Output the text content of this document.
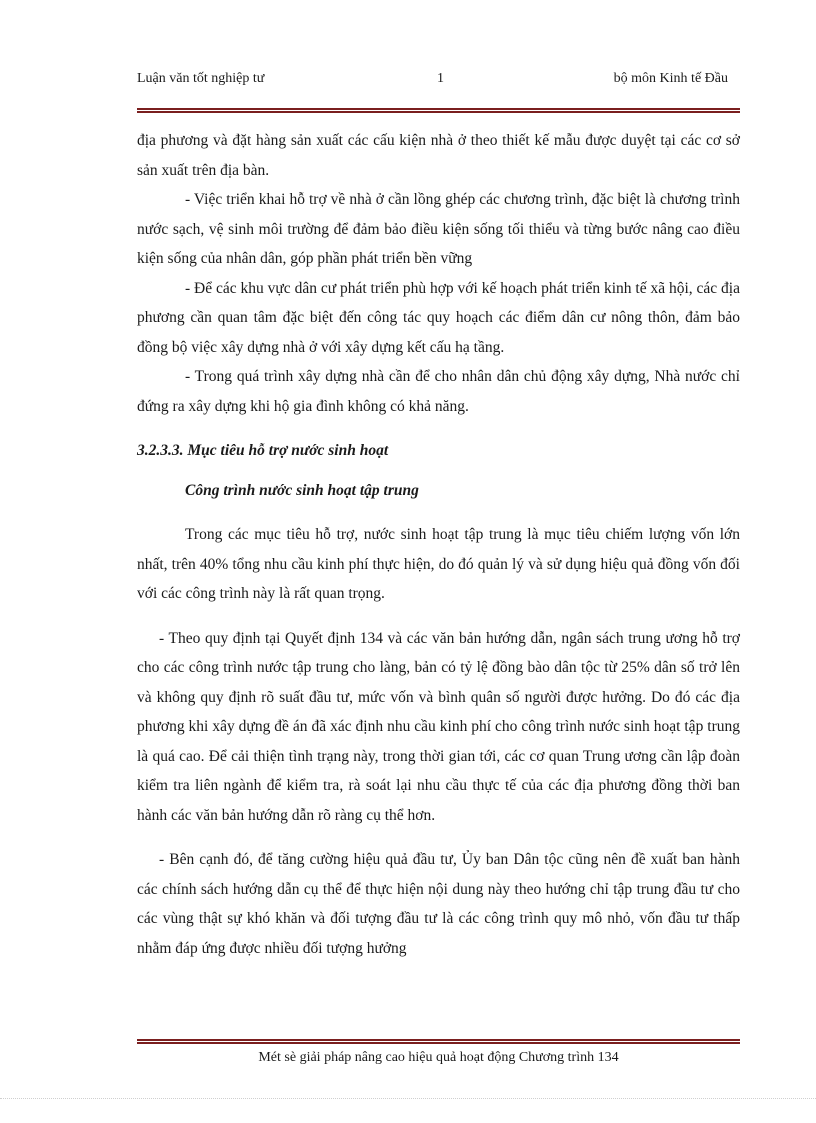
Luận văn tốt nghiệp tư	1	bộ môn Kinh tế Đầu

địa phương và đặt hàng sản xuất các cấu kiện nhà ở theo thiết kế mẫu được duyệt tại các cơ sở sản xuất trên địa bàn.

- Việc triển khai hỗ trợ về nhà ở cần lồng ghép các chương trình, đặc biệt là chương trình nước sạch, vệ sinh môi trường để đảm bảo điều kiện sống tối thiểu và từng bước nâng cao điều kiện sống của nhân dân, góp phần phát triển bền vững

- Để các khu vực dân cư phát triển phù hợp với kế hoạch phát triển kinh tế xã hội, các địa phương cần quan tâm đặc biệt đến công tác quy hoạch các điểm dân cư nông thôn, đảm bảo đồng bộ việc xây dựng nhà ở với xây dựng kết cấu hạ tầng.

- Trong quá trình xây dựng nhà cần để cho nhân dân chủ động xây dựng, Nhà nước chỉ đứng ra xây dựng khi hộ gia đình không có khả năng.

3.2.3.3. Mục tiêu hỗ trợ nước sinh hoạt

Công trình nước sinh hoạt tập trung

Trong các mục tiêu hỗ trợ, nước sinh hoạt tập trung là mục tiêu chiếm lượng vốn lớn nhất, trên 40% tổng nhu cầu kinh phí thực hiện, do đó quản lý và sử dụng hiệu quả đồng vốn đối với các công trình này là rất quan trọng.

- Theo quy định tại Quyết định 134 và các văn bản hướng dẫn, ngân sách trung ương hỗ trợ cho các công trình nước tập trung cho làng, bản có tỷ lệ đồng bào dân tộc từ 25% dân số trở lên và không quy định rõ suất đầu tư, mức vốn và bình quân số người được hưởng. Do đó các địa phương khi xây dựng đề án đã xác định nhu cầu kinh phí cho công trình nước sinh hoạt tập trung là quá cao. Để cải thiện tình trạng này, trong thời gian tới, các cơ quan Trung ương cần lập đoàn kiểm tra liên ngành để kiểm tra, rà soát lại nhu cầu thực tế của các địa phương đồng thời ban hành các văn bản hướng dẫn rõ ràng cụ thể hơn.

- Bên cạnh đó, để tăng cường hiệu quả đầu tư, Ủy ban Dân tộc cũng nên đề xuất ban hành các chính sách hướng dẫn cụ thể để thực hiện nội dung này theo hướng chỉ tập trung đầu tư cho các vùng thật sự khó khăn và đối tượng đầu tư là các công trình quy mô nhỏ, vốn đầu tư thấp nhằm đáp ứng được nhiều đối tượng hưởng

Mét sè giải pháp nâng cao hiệu quả hoạt động Chương trình 134
